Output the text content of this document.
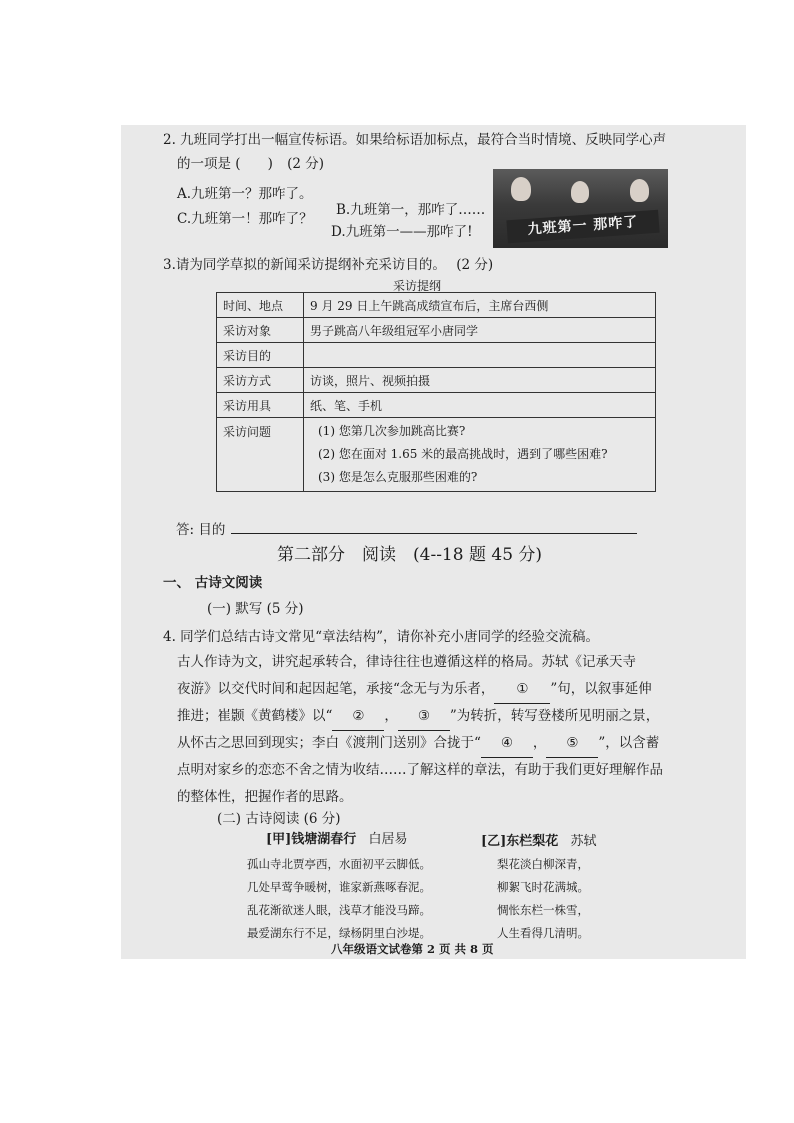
2. 九班同学打出一幅宣传标语。如果给标语加标点，最符合当时情境、反映同学心声
的一项是 (　　) (2 分)
A.九班第一？那咋了。
B.九班第一，那咋了……
C.九班第一！那咋了？
D.九班第一——那咋了!	九班第一 那咋了
3.请为同学草拟的新闻采访提纲补充采访目的。 (2 分)
采访提纲
时间、地点	9 月 29 日上午跳高成绩宣布后，主席台西侧
采访对象	男子跳高八年级组冠军小唐同学
采访目的	
采访方式	访谈，照片、视频拍摄
采访用具	纸、笔、手机
采访问题	(1) 您第几次参加跳高比赛?
(2) 您在面对 1.65 米的最高挑战时，遇到了哪些困难?
(3) 您是怎么克服那些困难的?
答: 目的
第二部分　阅读　(4--18 题 45 分)
一、 古诗文阅读
(一) 默写 (5 分)
4. 同学们总结古诗文常见“章法结构”，请你补充小唐同学的经验交流稿。
古人作诗为文，讲究起承转合，律诗往往也遵循这样的格局。苏轼《记承天寺
夜游》以交代时间和起因起笔，承接“念无与为乐者， ① ”句，以叙事延伸
推进；崔颢《黄鹤楼》以“ ② ， ③ ”为转折，转写登楼所见明丽之景，
从怀古之思回到现实；李白《渡荆门送别》合拢于“ ④ ， ⑤ ”，以含蓄
点明对家乡的恋恋不舍之情为收结……了解这样的章法，有助于我们更好理解作品
的整体性，把握作者的思路。
(二) 古诗阅读 (6 分)
[甲]钱塘湖春行 白居易
孤山寺北贾亭西，水面初平云脚低。
几处早莺争暖树，谁家新燕啄春泥。
乱花渐欲迷人眼，浅草才能没马蹄。
最爱湖东行不足，绿杨阴里白沙堤。
[乙]东栏梨花 苏轼
梨花淡白柳深青，
柳絮飞时花满城。
惆怅东栏一株雪，
人生看得几清明。
八年级语文试卷第 2 页 共 8 页
